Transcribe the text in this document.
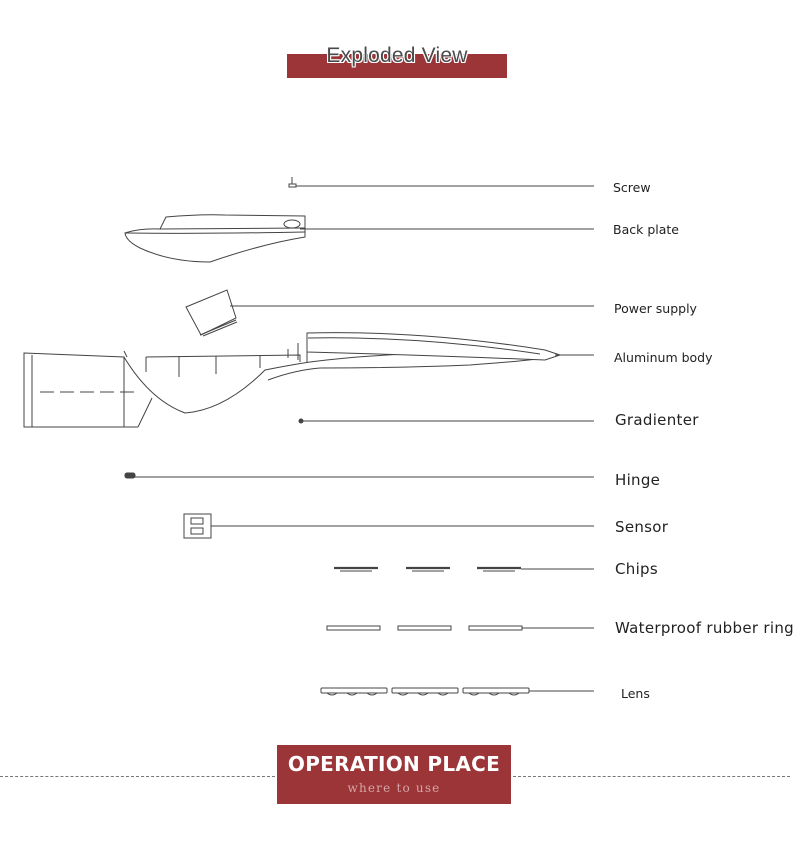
Exploded View
Screw
Back plate
Power supply
Aluminum body
Gradienter
Hinge
Sensor
Chips
Waterproof rubber ring
Lens
OPERATION PLACE
where to use
